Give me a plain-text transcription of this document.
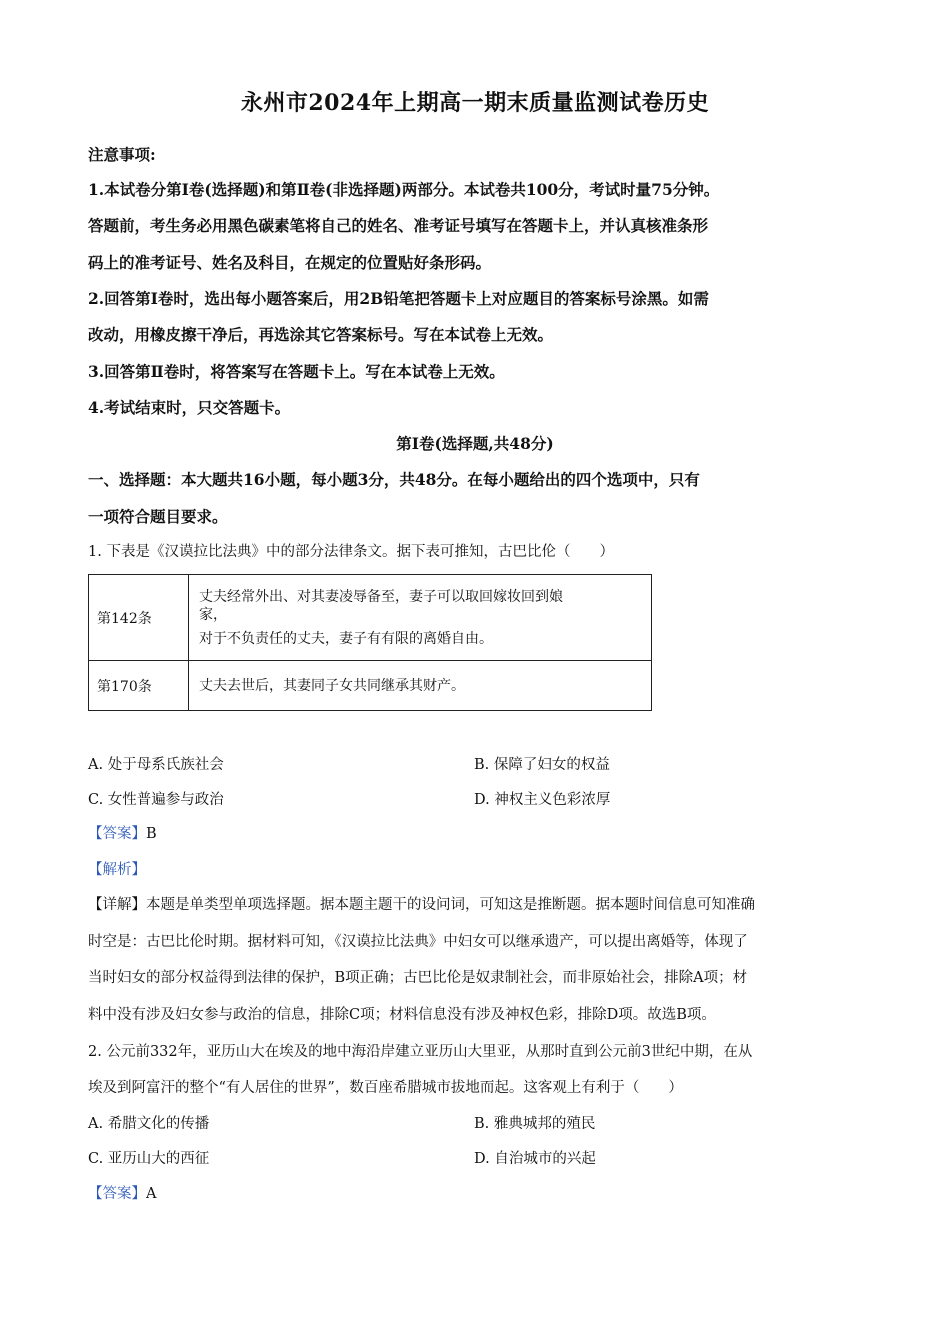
永州市2024年上期高一期末质量监测试卷历史
注意事项:
1.本试卷分第Ⅰ卷(选择题)和第Ⅱ卷(非选择题)两部分。本试卷共100分，考试时量75分钟。
答题前，考生务必用黑色碳素笔将自己的姓名、准考证号填写在答题卡上，并认真核准条形
码上的准考证号、姓名及科目，在规定的位置贴好条形码。
2.回答第Ⅰ卷时，选出每小题答案后，用2B铅笔把答题卡上对应题目的答案标号涂黑。如需
改动，用橡皮擦干净后，再选涂其它答案标号。写在本试卷上无效。
3.回答第Ⅱ卷时，将答案写在答题卡上。写在本试卷上无效。
4.考试结束时，只交答题卡。
第Ⅰ卷(选择题,共48分)
一、选择题：本大题共16小题，每小题3分，共48分。在每小题给出的四个选项中，只有
一项符合题目要求。
1. 下表是《汉谟拉比法典》中的部分法律条文。据下表可推知，古巴比伦（　　）
第142条	丈夫经常外出、对其妻凌辱备至，妻子可以取回嫁妆回到娘
家，
对于不负责任的丈夫，妻子有有限的离婚自由。

第170条	丈夫去世后，其妻同子女共同继承其财产。
A. 处于母系氏族社会	B. 保障了妇女的权益
C. 女性普遍参与政治	D. 神权主义色彩浓厚
【答案】B
【解析】
【详解】本题是单类型单项选择题。据本题主题干的设问词，可知这是推断题。据本题时间信息可知准确
时空是：古巴比伦时期。据材料可知，《汉谟拉比法典》中妇女可以继承遗产，可以提出离婚等，体现了
当时妇女的部分权益得到法律的保护，B项正确；古巴比伦是奴隶制社会，而非原始社会，排除A项；材
料中没有涉及妇女参与政治的信息，排除C项；材料信息没有涉及神权色彩，排除D项。故选B项。
2. 公元前332年，亚历山大在埃及的地中海沿岸建立亚历山大里亚，从那时直到公元前3世纪中期，在从
埃及到阿富汗的整个“有人居住的世界”，数百座希腊城市拔地而起。这客观上有利于（　　）
A. 希腊文化的传播	B. 雅典城邦的殖民
C. 亚历山大的西征	D. 自治城市的兴起
【答案】A
